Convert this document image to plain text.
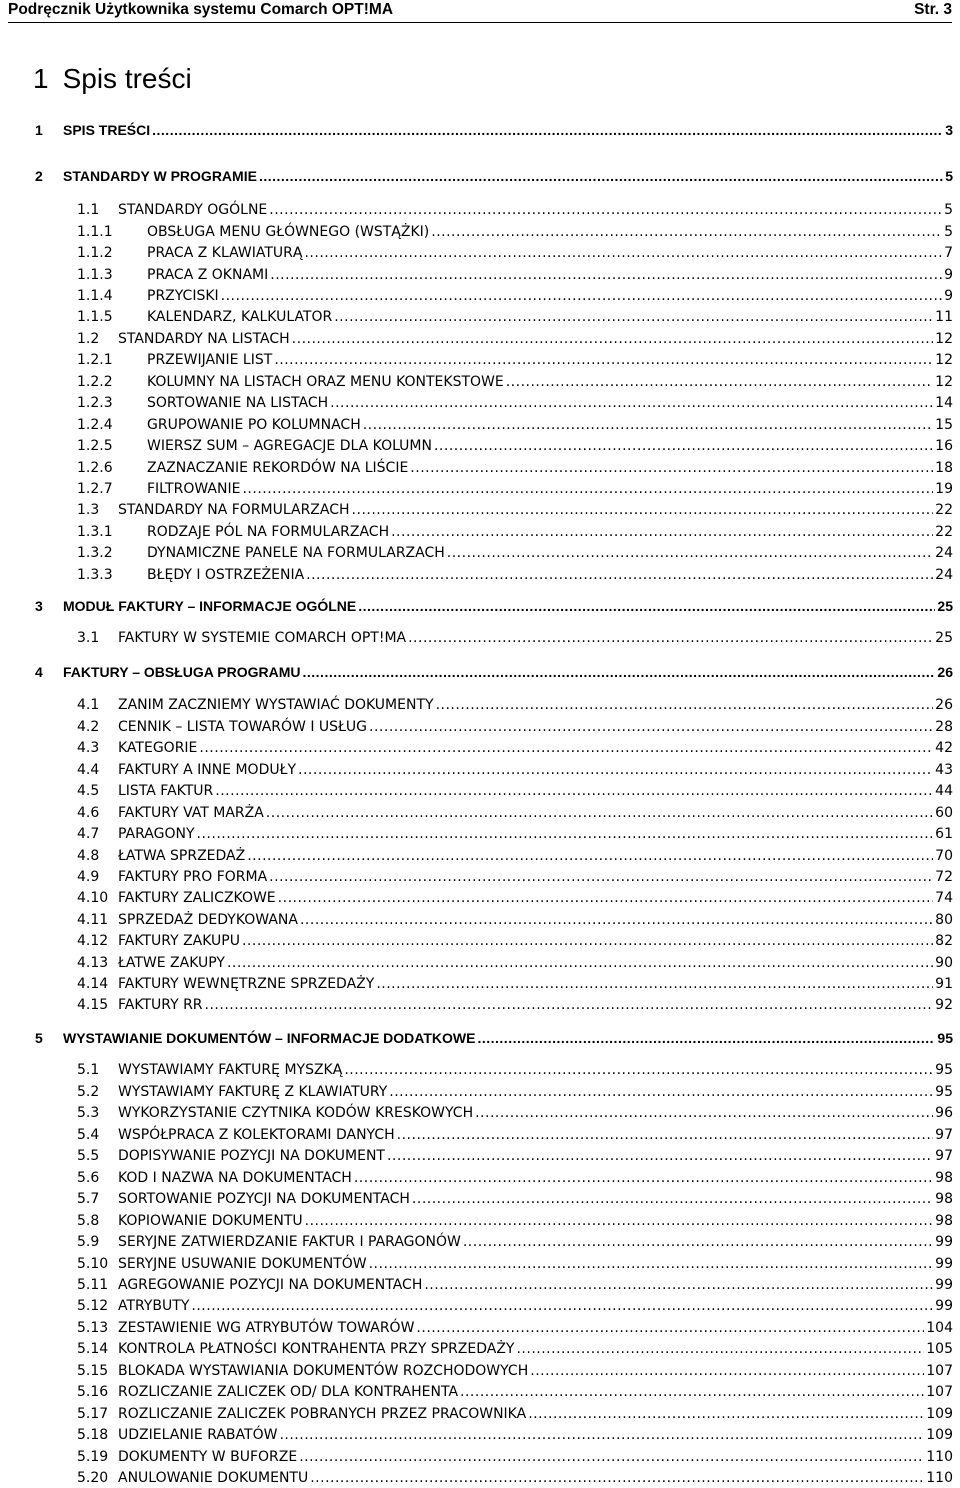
Podręcznik Użytkownika systemu Comarch OPT!MA	Str. 3
1 Spis treści
1	SPIS TREŚCI .....	3
2	STANDARDY W PROGRAMIE .....	5
1.1	STANDARDY OGÓLNE .....	5
1.1.1	OBSŁUGA MENU GŁÓWNEGO (WSTĄŻKI) .....	5
1.1.2	PRACA Z KLAWIATURĄ .....	7
1.1.3	PRACA Z OKNAMI .....	9
1.1.4	PRZYCISKI .....	9
1.1.5	KALENDARZ, KALKULATOR .....	11
1.2	STANDARDY NA LISTACH .....	12
1.2.1	PRZEWIJANIE LIST .....	12
1.2.2	KOLUMNY NA LISTACH ORAZ MENU KONTEKSTOWE .....	12
1.2.3	SORTOWANIE NA LISTACH .....	14
1.2.4	GRUPOWANIE PO KOLUMNACH .....	15
1.2.5	WIERSZ SUM – AGREGACJE DLA KOLUMN .....	16
1.2.6	ZAZNACZANIE REKORDÓW NA LIŚCIE .....	18
1.2.7	FILTROWANIE .....	19
1.3	STANDARDY NA FORMULARZACH .....	22
1.3.1	RODZAJE PÓL NA FORMULARZACH .....	22
1.3.2	DYNAMICZNE PANELE NA FORMULARZACH .....	24
1.3.3	BŁĘDY I OSTRZEŻENIA .....	24
3	MODUŁ FAKTURY – INFORMACJE OGÓLNE .....	25
3.1	FAKTURY W SYSTEMIE COMARCH OPT!MA .....	25
4	FAKTURY – OBSŁUGA PROGRAMU .....	26
4.1	ZANIM ZACZNIEMY WYSTAWIAĆ DOKUMENTY .....	26
4.2	CENNIK – LISTA TOWARÓW I USŁUG .....	28
4.3	KATEGORIE .....	42
4.4	FAKTURY A INNE MODUŁY .....	43
4.5	LISTA FAKTUR .....	44
4.6	FAKTURY VAT MARŻA .....	60
4.7	PARAGONY .....	61
4.8	ŁATWA SPRZEDAŻ .....	70
4.9	FAKTURY PRO FORMA .....	72
4.10 FAKTURY ZALICZKOWE .....	74
4.11 SPRZEDAŻ DEDYKOWANA .....	80
4.12 FAKTURY ZAKUPU .....	82
4.13 ŁATWE ZAKUPY .....	90
4.14 FAKTURY WEWNĘTRZNE SPRZEDAŻY .....	91
4.15 FAKTURY RR .....	92
5	WYSTAWIANIE DOKUMENTÓW – INFORMACJE DODATKOWE .....	95
5.1	WYSTAWIAMY FAKTURĘ MYSZKĄ .....	95
5.2	WYSTAWIAMY FAKTURĘ Z KLAWIATURY .....	95
5.3	WYKORZYSTANIE CZYTNIKA KODÓW KRESKOWYCH .....	96
5.4	WSPÓŁPRACA Z KOLEKTORAMI DANYCH .....	97
5.5	DOPISYWANIE POZYCJI NA DOKUMENT .....	97
5.6	KOD I NAZWA NA DOKUMENTACH .....	98
5.7	SORTOWANIE POZYCJI NA DOKUMENTACH .....	98
5.8	KOPIOWANIE DOKUMENTU .....	98
5.9	SERYJNE ZATWIERDZANIE FAKTUR I PARAGONÓW .....	99
5.10 SERYJNE USUWANIE DOKUMENTÓW .....	99
5.11 AGREGOWANIE POZYCJI NA DOKUMENTACH .....	99
5.12 ATRYBUTY .....	99
5.13 ZESTAWIENIE WG ATRYBUTÓW TOWARÓW .....	104
5.14 KONTROLA PŁATNOŚCI KONTRAHENTA PRZY SPRZEDAŻY .....	105
5.15 BLOKADA WYSTAWIANIA DOKUMENTÓW ROZCHODOWYCH .....	107
5.16 ROZLICZANIE ZALICZEK OD/ DLA KONTRAHENTA .....	107
5.17 ROZLICZANIE ZALICZEK POBRANYCH PRZEZ PRACOWNIKA .....	109
5.18 UDZIELANIE RABATÓW .....	109
5.19 DOKUMENTY W BUFORZE .....	110
5.20 ANULOWANIE DOKUMENTU .....	110
